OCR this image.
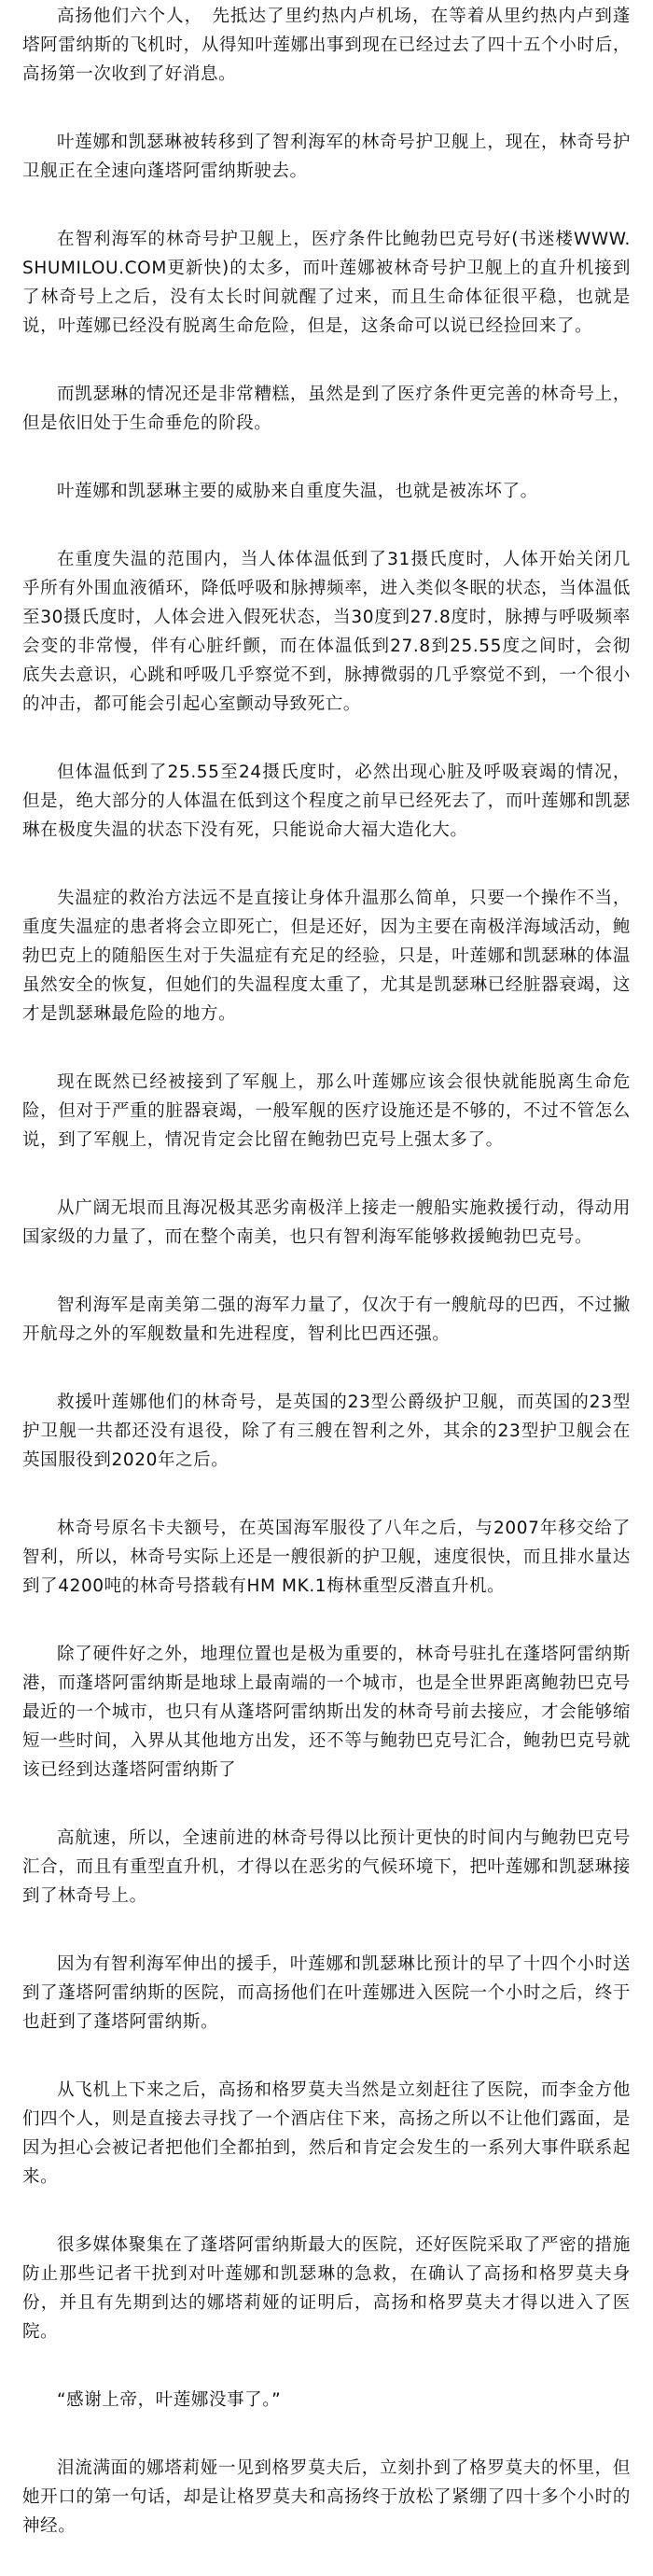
高扬他们六个人，　先抵达了里约热内卢机场，在等着从里约热内卢到蓬塔阿雷纳斯的飞机时，从得知叶莲娜出事到现在已经过去了四十五个小时后，高扬第一次收到了好消息。

叶莲娜和凯瑟琳被转移到了智利海军的林奇号护卫舰上，现在，林奇号护卫舰正在全速向蓬塔阿雷纳斯驶去。

在智利海军的林奇号护卫舰上，医疗条件比鲍勃巴克号好(书迷楼WWW.SHUMILOU.COM更新快)的太多，而叶莲娜被林奇号护卫舰上的直升机接到了林奇号上之后，没有太长时间就醒了过来，而且生命体征很平稳，也就是说，叶莲娜已经没有脱离生命危险，但是，这条命可以说已经捡回来了。

而凯瑟琳的情况还是非常糟糕，虽然是到了医疗条件更完善的林奇号上，但是依旧处于生命垂危的阶段。

叶莲娜和凯瑟琳主要的威胁来自重度失温，也就是被冻坏了。

在重度失温的范围内，当人体体温低到了31摄氏度时，人体开始关闭几乎所有外围血液循环，降低呼吸和脉搏频率，进入类似冬眠的状态，当体温低至30摄氏度时，人体会进入假死状态，当30度到27.8度时，脉搏与呼吸频率会变的非常慢，伴有心脏纤颤，而在体温低到27.8到25.55度之间时，会彻底失去意识，心跳和呼吸几乎察觉不到，脉搏微弱的几乎察觉不到，一个很小的冲击，都可能会引起心室颤动导致死亡。

但体温低到了25.55至24摄氏度时，必然出现心脏及呼吸衰竭的情况，但是，绝大部分的人体温在低到这个程度之前早已经死去了，而叶莲娜和凯瑟琳在极度失温的状态下没有死，只能说命大福大造化大。

失温症的救治方法远不是直接让身体升温那么简单，只要一个操作不当，重度失温症的患者将会立即死亡，但是还好，因为主要在南极洋海域活动，鲍勃巴克上的随船医生对于失温症有充足的经验，只是，叶莲娜和凯瑟琳的体温虽然安全的恢复，但她们的失温程度太重了，尤其是凯瑟琳已经脏器衰竭，这才是凯瑟琳最危险的地方。

现在既然已经被接到了军舰上，那么叶莲娜应该会很快就能脱离生命危险，但对于严重的脏器衰竭，一般军舰的医疗设施还是不够的，不过不管怎么说，到了军舰上，情况肯定会比留在鲍勃巴克号上强太多了。

从广阔无垠而且海况极其恶劣南极洋上接走一艘船实施救援行动，得动用国家级的力量了，而在整个南美，也只有智利海军能够救援鲍勃巴克号。

智利海军是南美第二强的海军力量了，仅次于有一艘航母的巴西，不过撇开航母之外的军舰数量和先进程度，智利比巴西还强。

救援叶莲娜他们的林奇号，是英国的23型公爵级护卫舰，而英国的23型护卫舰一共都还没有退役，除了有三艘在智利之外，其余的23型护卫舰会在英国服役到2020年之后。

林奇号原名卡夫额号，在英国海军服役了八年之后，与2007年移交给了智利，所以，林奇号实际上还是一艘很新的护卫舰，速度很快，而且排水量达到了4200吨的林奇号搭载有HM MK.1梅林重型反潜直升机。

除了硬件好之外，地理位置也是极为重要的，林奇号驻扎在蓬塔阿雷纳斯港，而蓬塔阿雷纳斯是地球上最南端的一个城市，也是全世界距离鲍勃巴克号最近的一个城市，也只有从蓬塔阿雷纳斯出发的林奇号前去接应，才会能够缩短一些时间，入界从其他地方出发，还不等与鲍勃巴克号汇合，鲍勃巴克号就该已经到达蓬塔阿雷纳斯了

高航速，所以，全速前进的林奇号得以比预计更快的时间内与鲍勃巴克号汇合，而且有重型直升机，才得以在恶劣的气候环境下，把叶莲娜和凯瑟琳接到了林奇号上。

因为有智利海军伸出的援手，叶莲娜和凯瑟琳比预计的早了十四个小时送到了蓬塔阿雷纳斯的医院，而高扬他们在叶莲娜进入医院一个小时之后，终于也赶到了蓬塔阿雷纳斯。

从飞机上下来之后，高扬和格罗莫夫当然是立刻赶往了医院，而李金方他们四个人，则是直接去寻找了一个酒店住下来，高扬之所以不让他们露面，是因为担心会被记者把他们全都拍到，然后和肯定会发生的一系列大事件联系起来。

很多媒体聚集在了蓬塔阿雷纳斯最大的医院，还好医院采取了严密的措施防止那些记者干扰到对叶莲娜和凯瑟琳的急救，在确认了高扬和格罗莫夫身份，并且有先期到达的娜塔莉娅的证明后，高扬和格罗莫夫才得以进入了医院。

“感谢上帝，叶莲娜没事了。”

泪流满面的娜塔莉娅一见到格罗莫夫后，立刻扑到了格罗莫夫的怀里，但她开口的第一句话，却是让格罗莫夫和高扬终于放松了紧绷了四十多个小时的神经。
